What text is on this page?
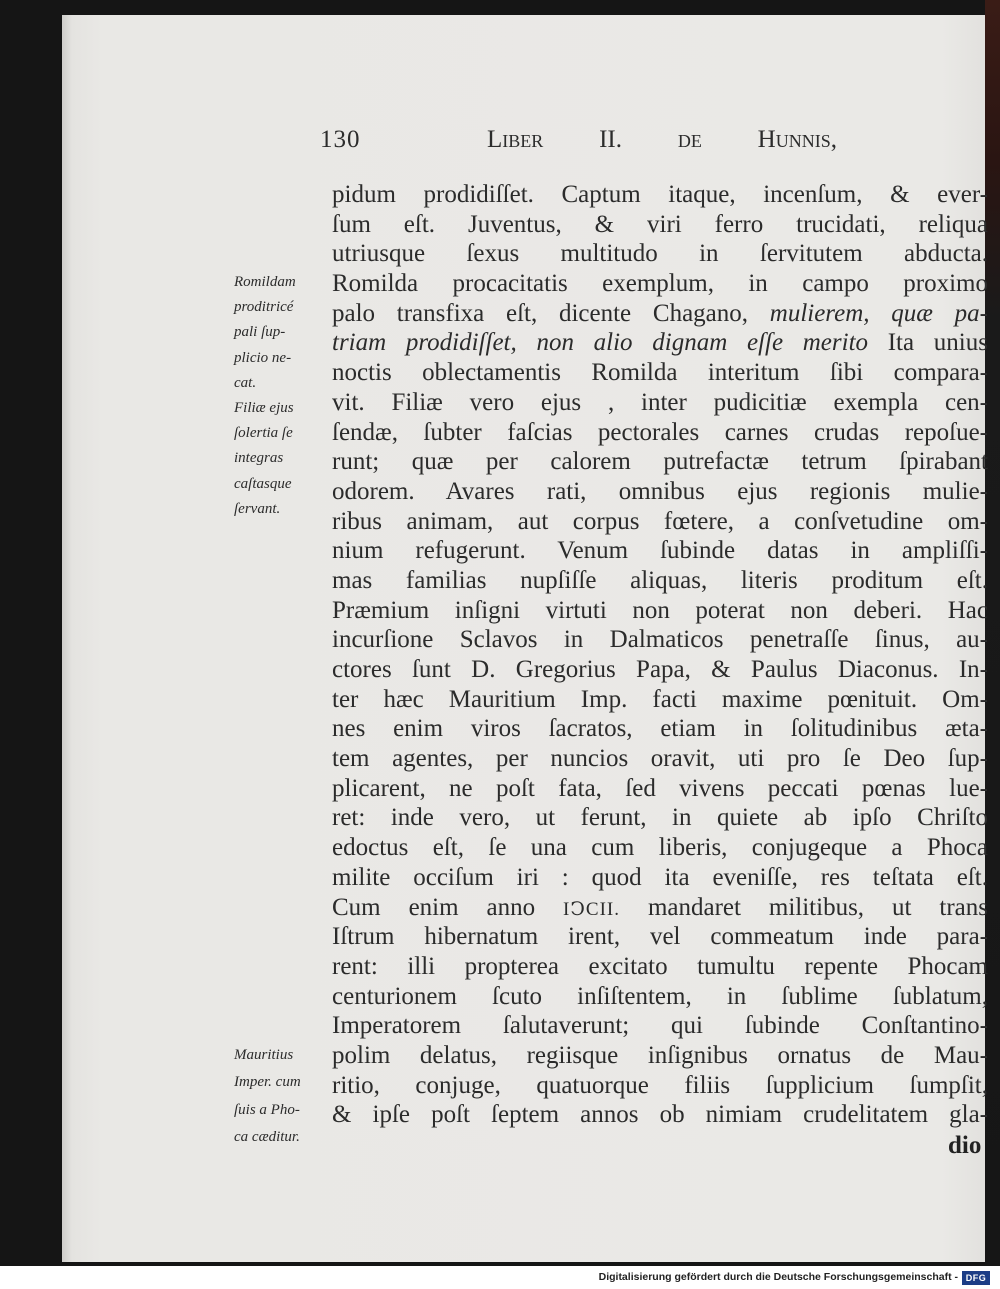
130	Liber II. de Hunnis,
Romildam
proditricé
pali ſup-
plicio ne-
cat.
Filiæ ejus
ſolertia ſe
integras
caſtasque
ſervant.
pidum prodidiſſet. Captum itaque, incenſum, & ever-
ſum eſt. Juventus, & viri ferro trucidati, reliqua
utriusque ſexus multitudo in ſervitutem abducta.
Romilda procacitatis exemplum, in campo proximo
palo transfixa eſt, dicente Chagano, mulierem, quæ pa-
triam prodidiſſet, non alio dignam eſſe merito Ita unius
noctis oblectamentis Romilda interitum ſibi compara-
vit. Filiæ vero ejus , inter pudicitiæ exempla cen-
ſendæ, ſubter faſcias pectorales carnes crudas repoſue-
runt; quæ per calorem putrefactæ tetrum ſpirabant
odorem. Avares rati, omnibus ejus regionis mulie-
ribus animam, aut corpus fœtere, a conſvetudine om-
nium refugerunt. Venum ſubinde datas in ampliſſi-
mas familias nupſiſſe aliquas, literis proditum eſt.
Præmium inſigni virtuti non poterat non deberi. Hac
incurſione Sclavos in Dalmaticos penetraſſe ſinus, au-
ctores ſunt D. Gregorius Papa, & Paulus Diaconus. In-
ter hæc Mauritium Imp. facti maxime pœnituit. Om-
nes enim viros ſacratos, etiam in ſolitudinibus æta-
tem agentes, per nuncios oravit, uti pro ſe Deo ſup-
plicarent, ne poſt fata, ſed vivens peccati pœnas lue-
ret: inde vero, ut ferunt, in quiete ab ipſo Chriſto
edoctus eſt, ſe una cum liberis, conjugeque a Phoca
milite occiſum iri : quod ita eveniſſe, res teſtata eſt.
Cum enim anno IↃCII. mandaret militibus, ut trans
Iſtrum hibernatum irent, vel commeatum inde para-
rent: illi propterea excitato tumultu repente Phocam
centurionem ſcuto inſiſtentem, in ſublime ſublatum,
Imperatorem ſalutaverunt; qui ſubinde Conſtantino-
polim delatus, regiisque inſignibus ornatus de Mau-
ritio, conjuge, quatuorque filiis ſupplicium ſumpſit,
& ipſe poſt ſeptem annos ob nimiam crudelitatem gla-
Mauritius
Imper. cum
ſuis a Pho-
ca cæditur.	dio
Digitalisierung gefördert durch die Deutsche Forschungsgemeinschaft - DFG
